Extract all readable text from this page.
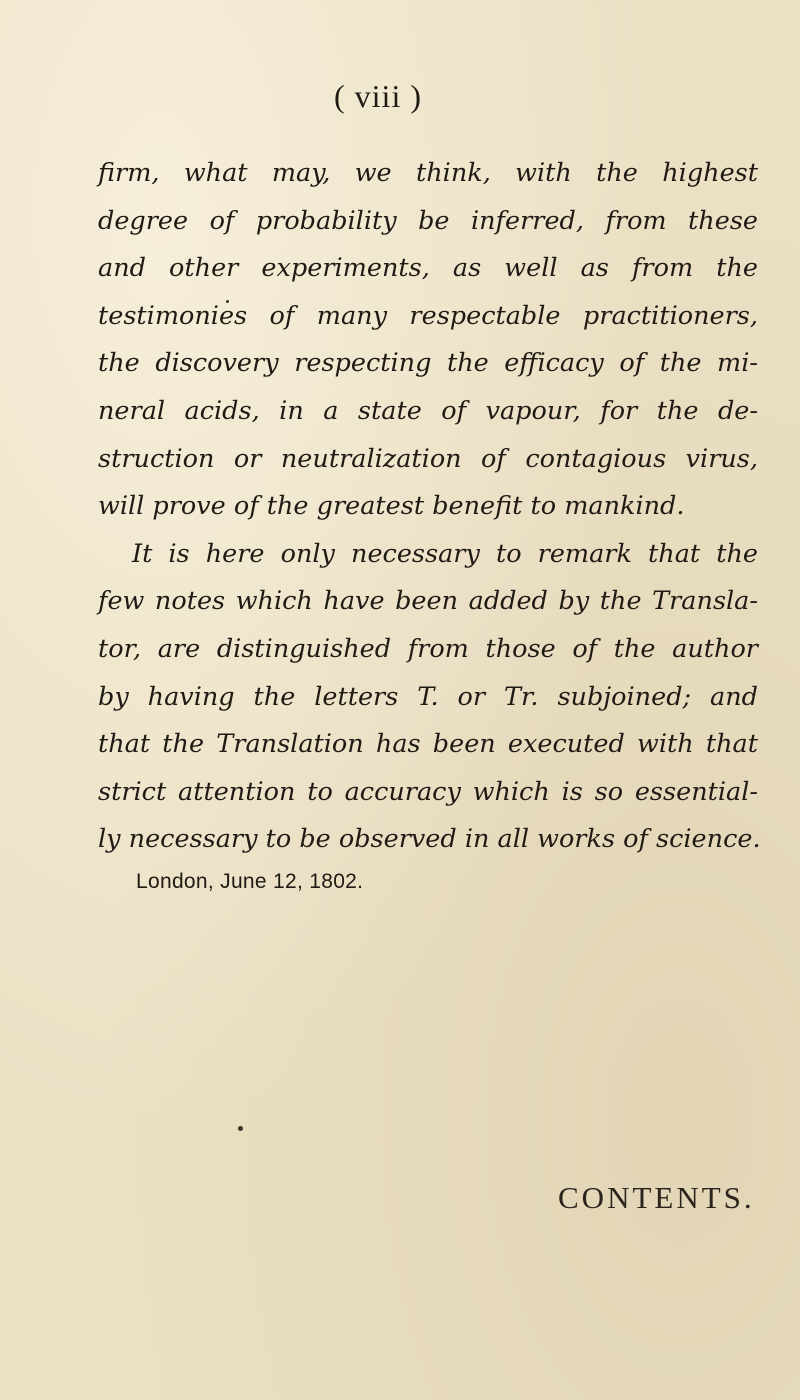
( viii )
firm, what may, we think, with the highest
degree of probability be inferred, from these
and other experiments, as well as from the
testimonies of many respectable practitioners,
the discovery respecting the efficacy of the mi-
neral acids, in a state of vapour, for the de-
struction or neutralization of contagious virus,
will prove of the greatest benefit to mankind.
It is here only necessary to remark that the
few notes which have been added by the Transla-
tor, are distinguished from those of the author
by having the letters T. or Tr. subjoined; and
that the Translation has been executed with that
strict attention to accuracy which is so essential-
ly necessary to be observed in all works of science.
London, June 12, 1802.
CONTENTS.
